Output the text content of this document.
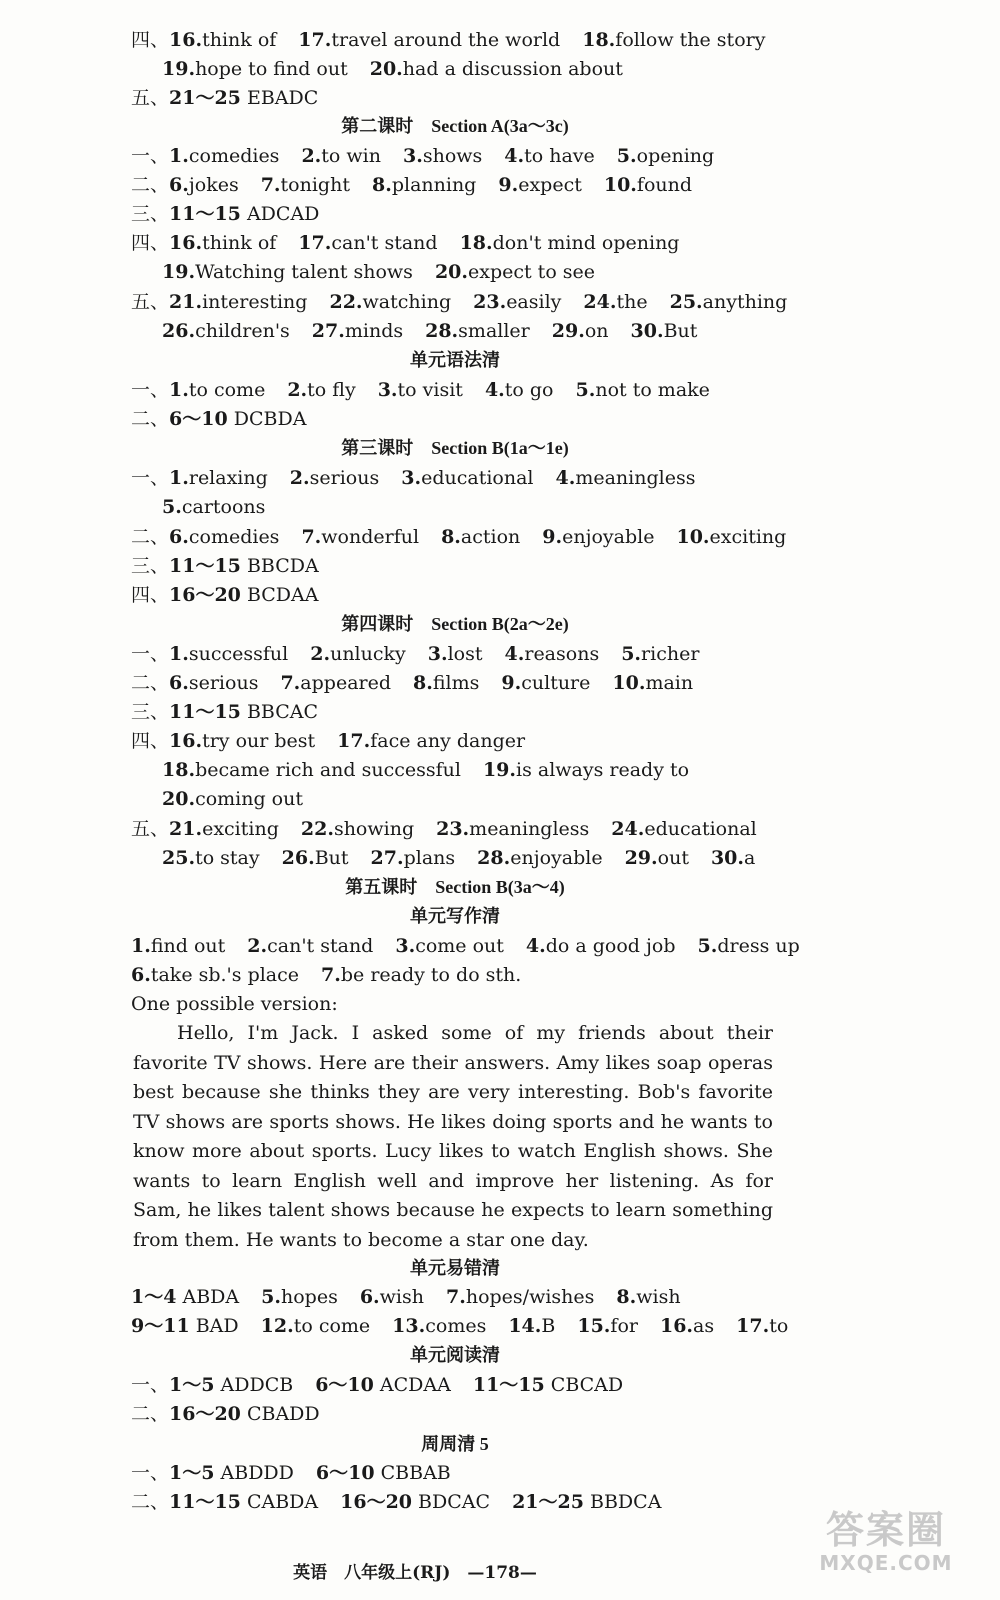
四、16.think of 17.travel around the world 18.follow the story
19.hope to find out 20.had a discussion about
五、21～25 EBADC
第二课时　Section A(3a～3c)
一、1.comedies 2.to win 3.shows 4.to have 5.opening
二、6.jokes 7.tonight 8.planning 9.expect 10.found
三、11～15 ADCAD
四、16.think of 17.can't stand 18.don't mind opening
19.Watching talent shows 20.expect to see
五、21.interesting 22.watching 23.easily 24.the 25.anything
26.children's 27.minds 28.smaller 29.on 30.But
单元语法清
一、1.to come 2.to fly 3.to visit 4.to go 5.not to make
二、6～10 DCBDA
第三课时　Section B(1a～1e)
一、1.relaxing 2.serious 3.educational 4.meaningless
5.cartoons
二、6.comedies 7.wonderful 8.action 9.enjoyable 10.exciting
三、11～15 BBCDA
四、16～20 BCDAA
第四课时　Section B(2a～2e)
一、1.successful 2.unlucky 3.lost 4.reasons 5.richer
二、6.serious 7.appeared 8.films 9.culture 10.main
三、11～15 BBCAC
四、16.try our best 17.face any danger
18.became rich and successful 19.is always ready to
20.coming out
五、21.exciting 22.showing 23.meaningless 24.educational
25.to stay 26.But 27.plans 28.enjoyable 29.out 30.a
第五课时　Section B(3a～4)
单元写作清
1.find out 2.can't stand 3.come out 4.do a good job 5.dress up
6.take sb.'s place 7.be ready to do sth.
One possible version:
Hello, I'm Jack. I asked some of my friends about their favorite TV shows. Here are their answers. Amy likes soap operas best because she thinks they are very interesting. Bob's favorite TV shows are sports shows. He likes doing sports and he wants to know more about sports. Lucy likes to watch English shows. She wants to learn English well and improve her listening. As for Sam, he likes talent shows because he expects to learn something from them. He wants to become a star one day.
单元易错清
1～4 ABDA 5.hopes 6.wish 7.hopes/wishes 8.wish
9～11 BAD 12.to come 13.comes 14.B 15.for 16.as 17.to
单元阅读清
一、1～5 ADDCB 6～10 ACDAA 11～15 CBCAD
二、16～20 CBADD
周周清 5
一、1～5 ABDDD 6～10 CBBAB
二、11～15 CABDA 16～20 BDCAC 21～25 BBDCA
英语　八年级上(RJ)　—178—
答案圈
MXQE.COM
